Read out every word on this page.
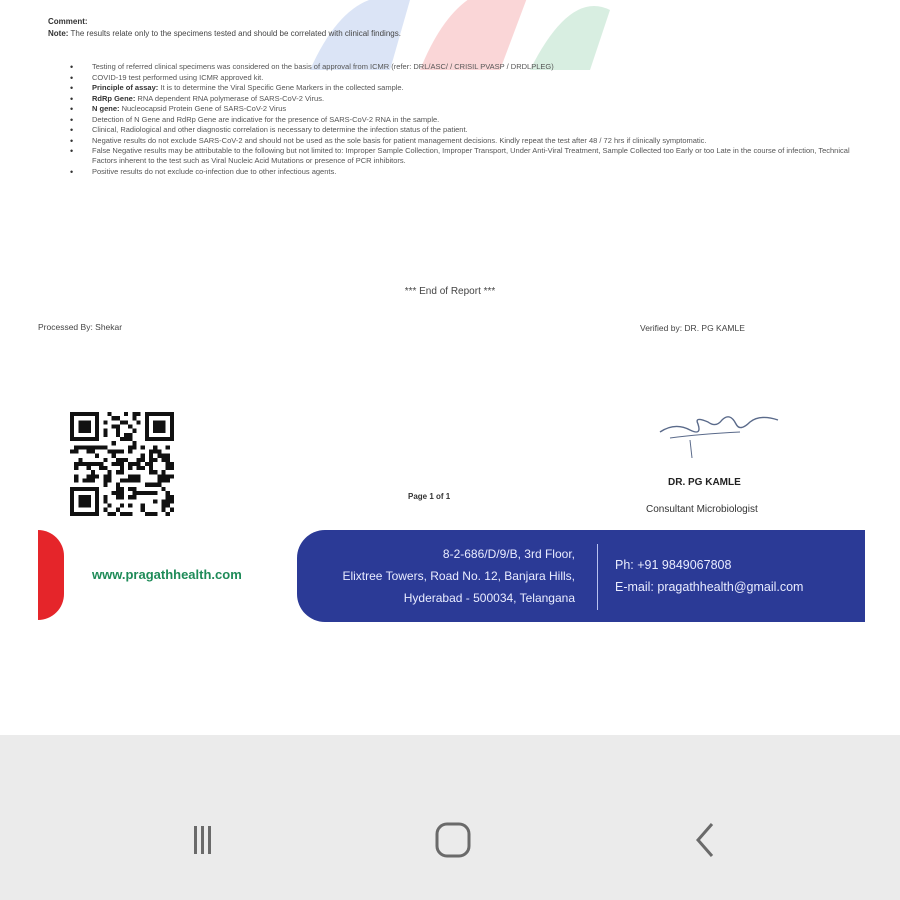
Comment:
Note: The results relate only to the specimens tested and should be correlated with clinical findings.
• Testing of referred clinical specimens was considered on the basis of approval from ICMR (refer: DRL/ASC/ / CRISIL PVASP / DRDLPLEG)
• COVID-19 test performed using ICMR approved kit.
• Principle of assay: It is to determine the Viral Specific Gene Markers in the collected sample.
• RdRp Gene: RNA dependent RNA polymerase of SARS-CoV-2 Virus.
• N gene: Nucleocapsid Protein Gene of SARS-CoV-2 Virus
• Detection of N Gene and RdRp Gene are indicative for the presence of SARS-CoV-2 RNA in the sample.
• Clinical, Radiological and other diagnostic correlation is necessary to determine the infection status of the patient.
• Negative results do not exclude SARS-CoV-2 and should not be used as the sole basis for patient management decisions. Kindly repeat the test after 48 / 72 hrs if clinically symptomatic.
• False Negative results may be attributable to the following but not limited to: Improper Sample Collection, Improper Transport, Under Anti-Viral Treatment, Sample Collected too Early or too Late in the course of infection, Technical Factors inherent to the test such as Viral Nucleic Acid Mutations or presence of PCR inhibitors.
• Positive results do not exclude co-infection due to other infectious agents.
*** End of Report ***
Processed By: Shekar	Verified by: DR. PG KAMLE
DR. PG KAMLE
Consultant Microbiologist
Page 1 of 1
www.pragathhealth.com
8-2-686/D/9/B, 3rd Floor,
Elixtree Towers, Road No. 12, Banjara Hills,
Hyderabad - 500034, Telangana
Ph: +91 9849067808
E-mail: pragathhealth@gmail.com
